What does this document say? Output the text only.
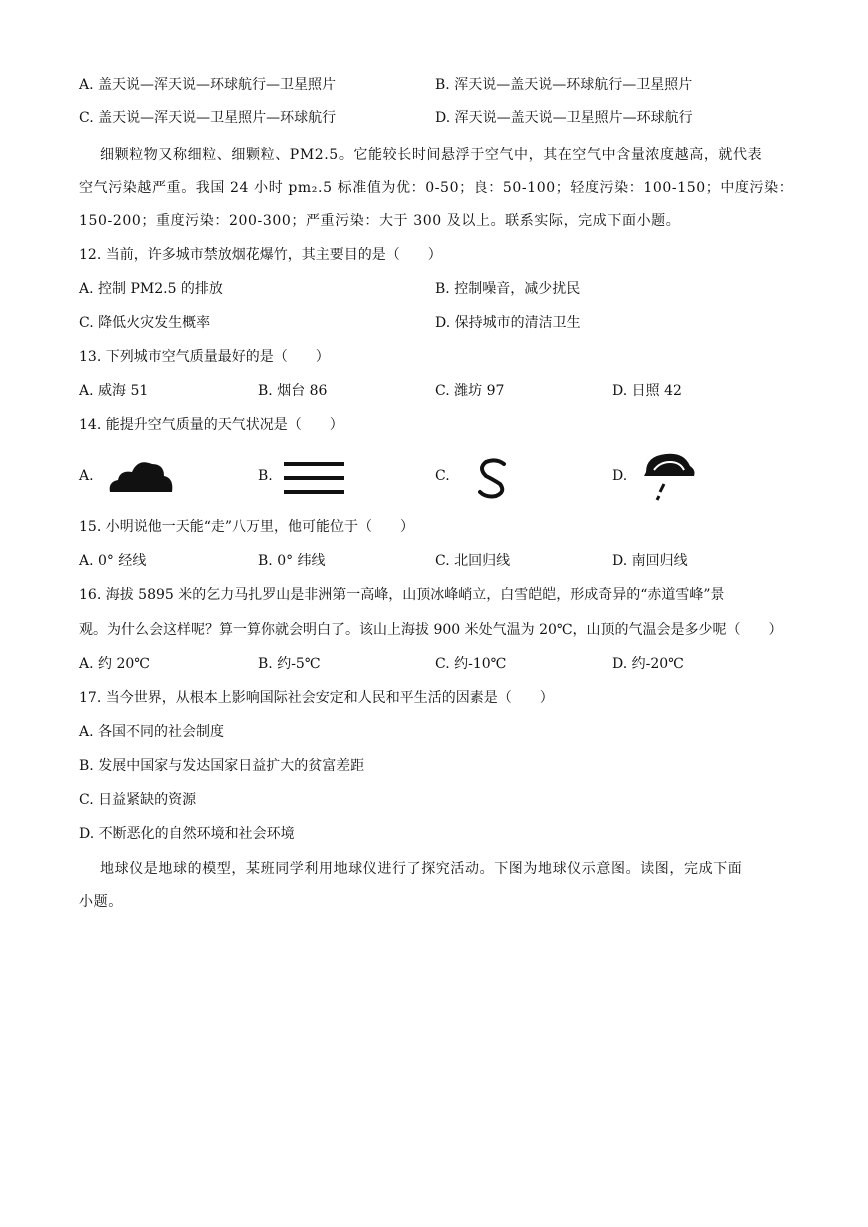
A. 盖天说—浑天说—环球航行—卫星照片	B. 浑天说—盖天说—环球航行—卫星照片
C. 盖天说—浑天说—卫星照片—环球航行	D. 浑天说—盖天说—卫星照片—环球航行
细颗粒物又称细粒、细颗粒、PM2.5。它能较长时间悬浮于空气中，其在空气中含量浓度越高，就代表
空气污染越严重。我国 24 小时 pm₂.5 标准值为优：0-50；良：50-100；轻度污染：100-150；中度污染：
150-200；重度污染：200-300；严重污染：大于 300 及以上。联系实际，完成下面小题。
12. 当前，许多城市禁放烟花爆竹，其主要目的是（　　）
A. 控制 PM2.5 的排放	B. 控制噪音，减少扰民
C. 降低火灾发生概率	D. 保持城市的清洁卫生
13. 下列城市空气质量最好的是（　　）
A. 威海 51	B. 烟台 86	C. 潍坊 97	D. 日照 42
14. 能提升空气质量的天气状况是（　　）
A.	B.	C.	D.
15. 小明说他一天能“走”八万里，他可能位于（　　）
A. 0° 经线	B. 0° 纬线	C. 北回归线	D. 南回归线
16. 海拔 5895 米的乞力马扎罗山是非洲第一高峰，山顶冰峰峭立，白雪皑皑，形成奇异的“赤道雪峰”景
观。为什么会这样呢？算一算你就会明白了。该山上海拔 900 米处气温为 20℃，山顶的气温会是多少呢（　　）
A. 约 20℃	B. 约-5℃	C. 约-10℃	D. 约-20℃
17. 当今世界，从根本上影响国际社会安定和人民和平生活的因素是（　　）
A. 各国不同的社会制度
B. 发展中国家与发达国家日益扩大的贫富差距
C. 日益紧缺的资源
D. 不断恶化的自然环境和社会环境
地球仪是地球的模型，某班同学利用地球仪进行了探究活动。下图为地球仪示意图。读图，完成下面
小题。
